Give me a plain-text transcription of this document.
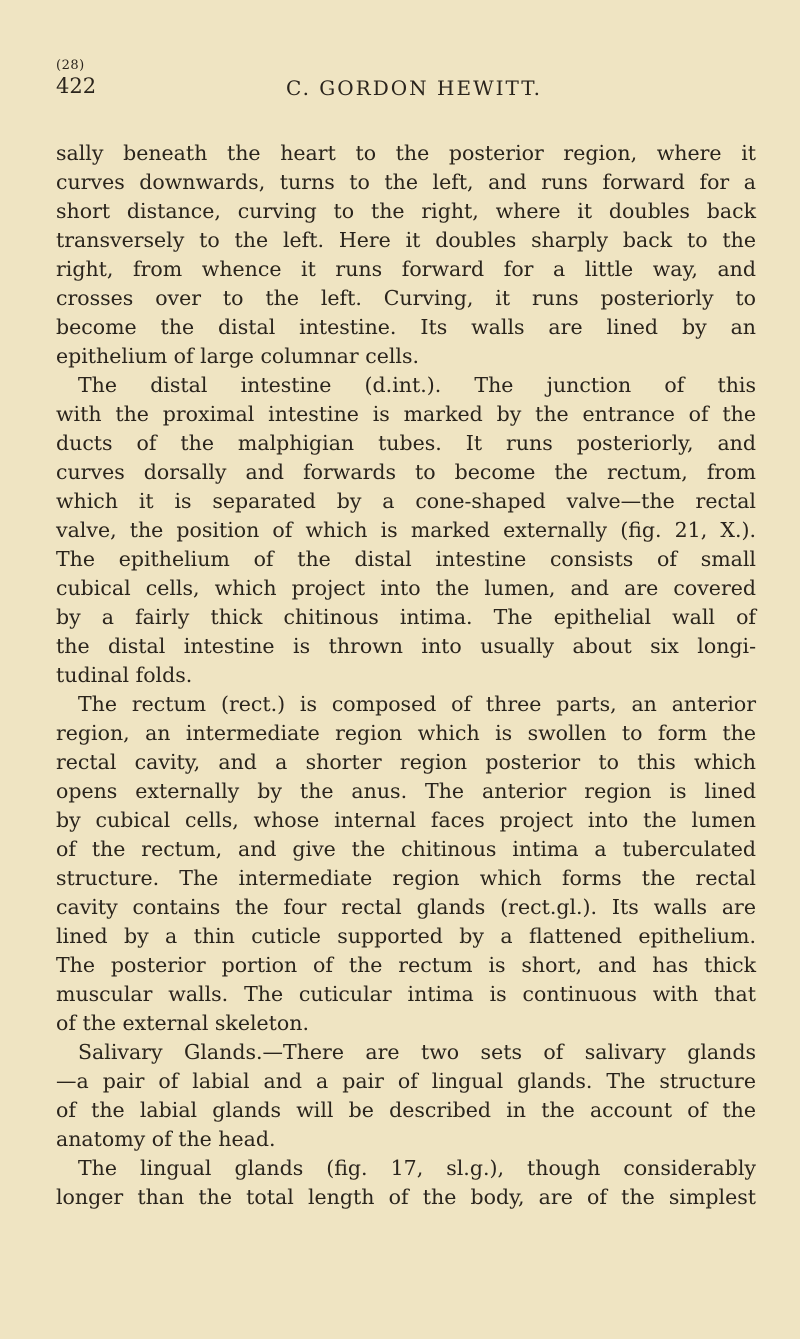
(28)
422	C. GORDON HEWITT.
sally beneath the heart to the posterior region, where it
curves downwards, turns to the left, and runs forward for a
short distance, curving to the right, where it doubles back
transversely to the left. Here it doubles sharply back to the
right, from whence it runs forward for a little way, and
crosses over to the left. Curving, it runs posteriorly to
become the distal intestine. Its walls are lined by an
epithelium of large columnar cells.
The distal intestine (d.int.). The junction of this
with the proximal intestine is marked by the entrance of the
ducts of the malphigian tubes. It runs posteriorly, and
curves dorsally and forwards to become the rectum, from
which it is separated by a cone-shaped valve—the rectal
valve, the position of which is marked externally (fig. 21, X.).
The epithelium of the distal intestine consists of small
cubical cells, which project into the lumen, and are covered
by a fairly thick chitinous intima. The epithelial wall of
the distal intestine is thrown into usually about six longi-
tudinal folds.
The rectum (rect.) is composed of three parts, an anterior
region, an intermediate region which is swollen to form the
rectal cavity, and a shorter region posterior to this which
opens externally by the anus. The anterior region is lined
by cubical cells, whose internal faces project into the lumen
of the rectum, and give the chitinous intima a tuberculated
structure. The intermediate region which forms the rectal
cavity contains the four rectal glands (rect.gl.). Its walls are
lined by a thin cuticle supported by a flattened epithelium.
The posterior portion of the rectum is short, and has thick
muscular walls. The cuticular intima is continuous with that
of the external skeleton.
Salivary Glands.—There are two sets of salivary glands
—a pair of labial and a pair of lingual glands. The structure
of the labial glands will be described in the account of the
anatomy of the head.
The lingual glands (fig. 17, sl.g.), though considerably
longer than the total length of the body, are of the simplest
